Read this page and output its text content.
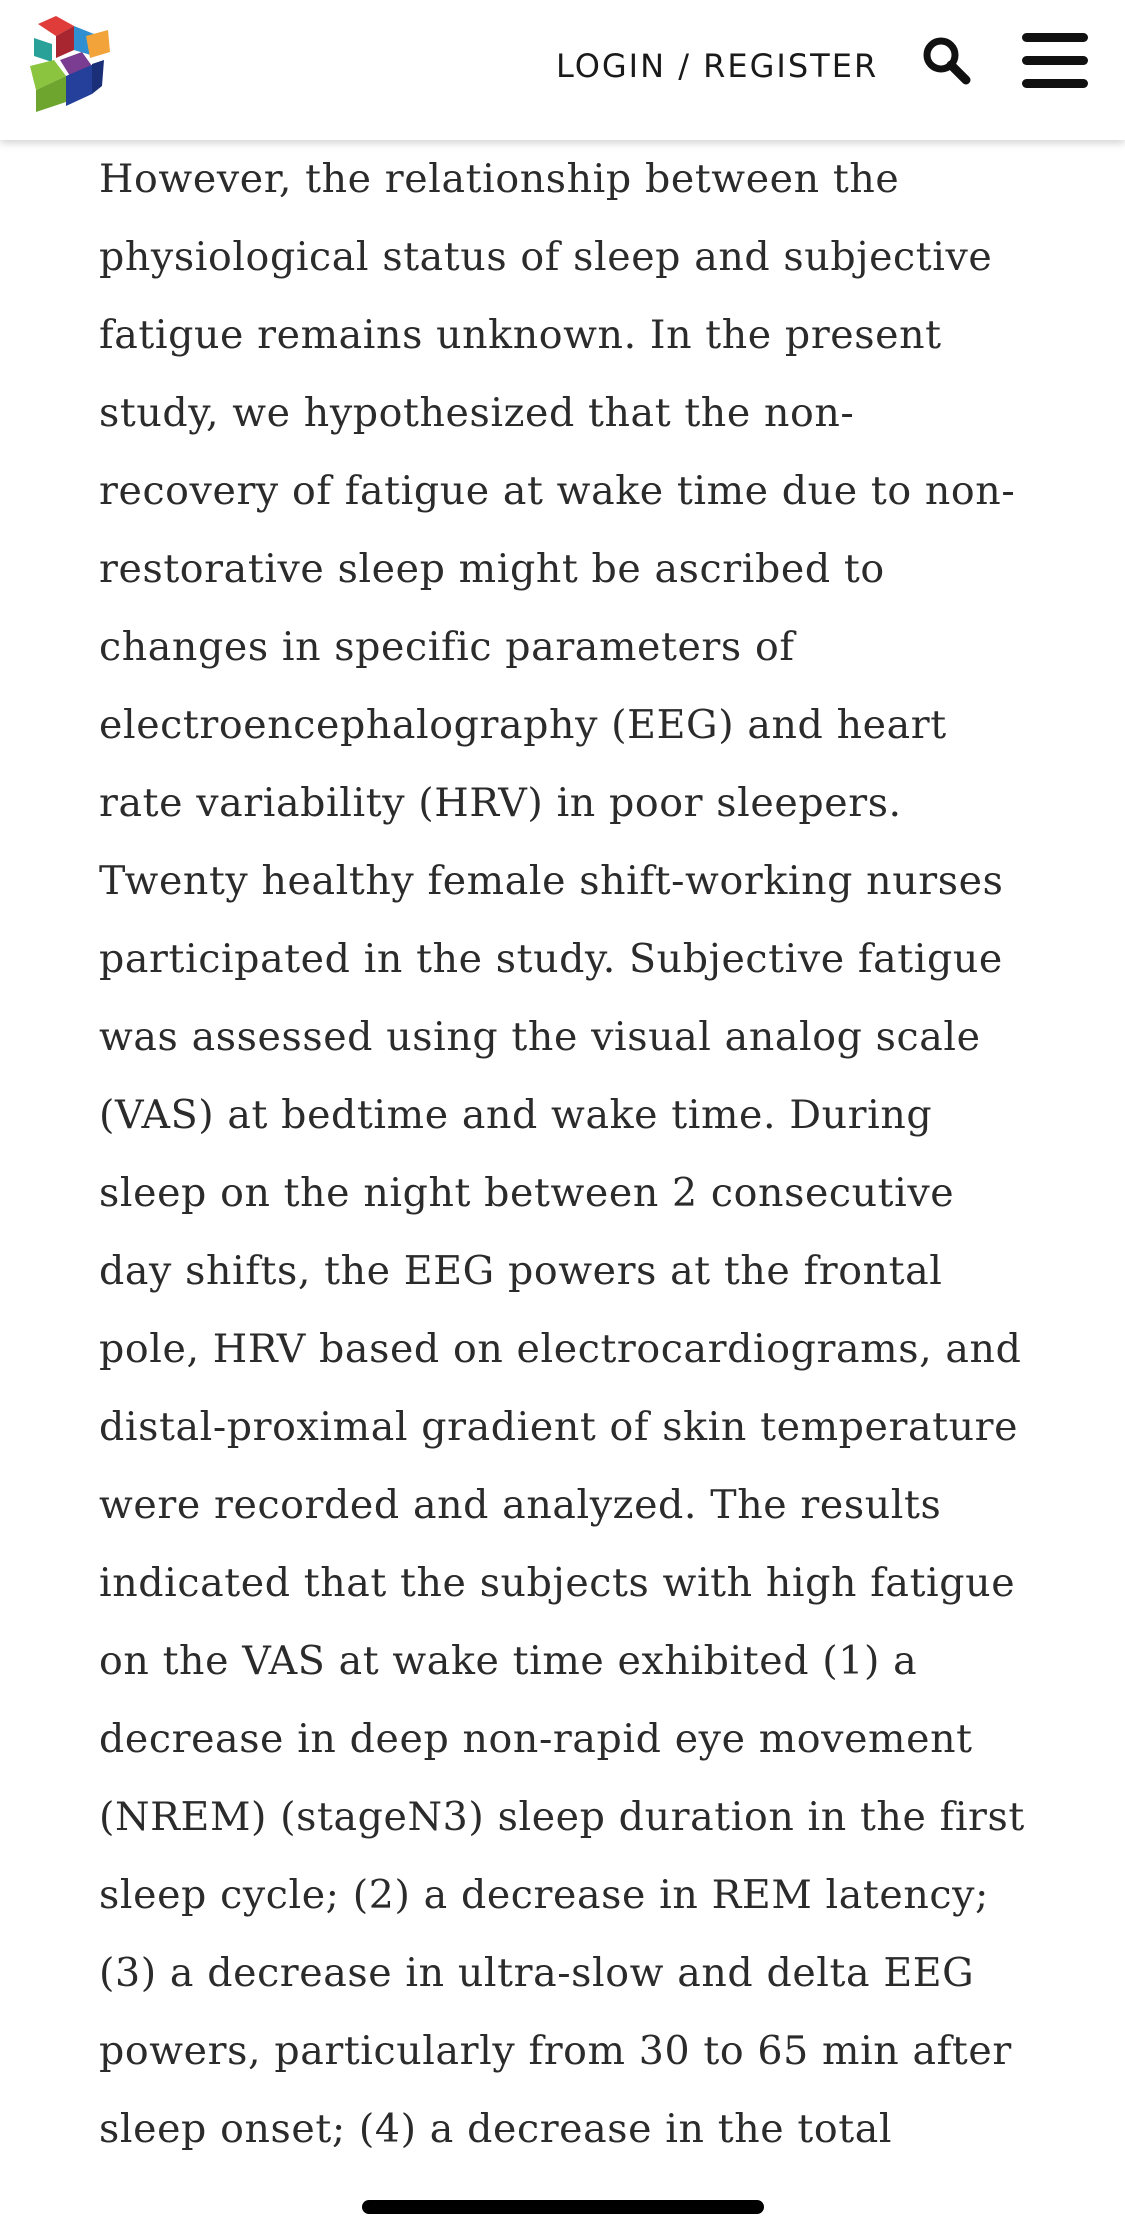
LOGIN / REGISTER

However, the relationship between the physiological status of sleep and subjective fatigue remains unknown. In the present study, we hypothesized that the non-recovery of fatigue at wake time due to non-restorative sleep might be ascribed to changes in specific parameters of electroencephalography (EEG) and heart rate variability (HRV) in poor sleepers. Twenty healthy female shift-working nurses participated in the study. Subjective fatigue was assessed using the visual analog scale (VAS) at bedtime and wake time. During sleep on the night between 2 consecutive day shifts, the EEG powers at the frontal pole, HRV based on electrocardiograms, and distal-proximal gradient of skin temperature were recorded and analyzed. The results indicated that the subjects with high fatigue on the VAS at wake time exhibited (1) a decrease in deep non-rapid eye movement (NREM) (stageN3) sleep duration in the first sleep cycle; (2) a decrease in REM latency; (3) a decrease in ultra-slow and delta EEG powers, particularly from 30 to 65 min after sleep onset; (4) a decrease in the total
